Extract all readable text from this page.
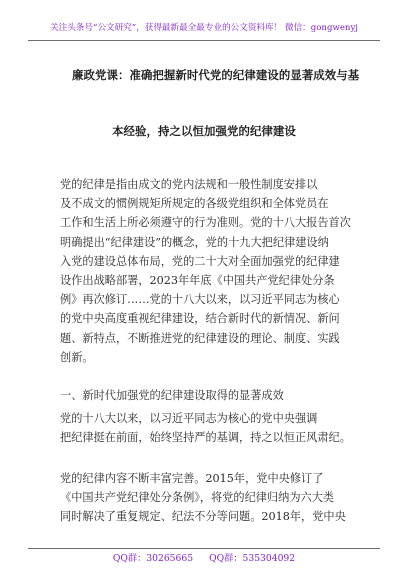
关注头条号“公文研究”，获得最新最全最专业的公文资料库！ 微信：gongwenyj
廉政党课：准确把握新时代党的纪律建设的显著成效与基
本经验，持之以恒加强党的纪律建设
党的纪律是指由成文的党内法规和一般性制度安排以
及不成文的惯例规矩所规定的各级党组织和全体党员在
工作和生活上所必须遵守的行为准则。党的十八大报告首次
明确提出“纪律建设”的概念，党的十九大把纪律建设纳
入党的建设总体布局，党的二十大对全面加强党的纪律建
设作出战略部署，2023年年底《中国共产党纪律处分条
例》再次修订……党的十八大以来，以习近平同志为核心
的党中央高度重视纪律建设，结合新时代的新情况、新问
题、新特点，不断推进党的纪律建设的理论、制度、实践
创新。
一、新时代加强党的纪律建设取得的显著成效
党的十八大以来，以习近平同志为核心的党中央强调
把纪律挺在前面，始终坚持严的基调，持之以恒正风肃纪。
党的纪律内容不断丰富完善。2015年，党中央修订了
《中国共产党纪律处分条例》，将党的纪律归纳为六大类
同时解决了重复规定、纪法不分等问题。2018年，党中央
QQ群：30265665 QQ群：535304092
